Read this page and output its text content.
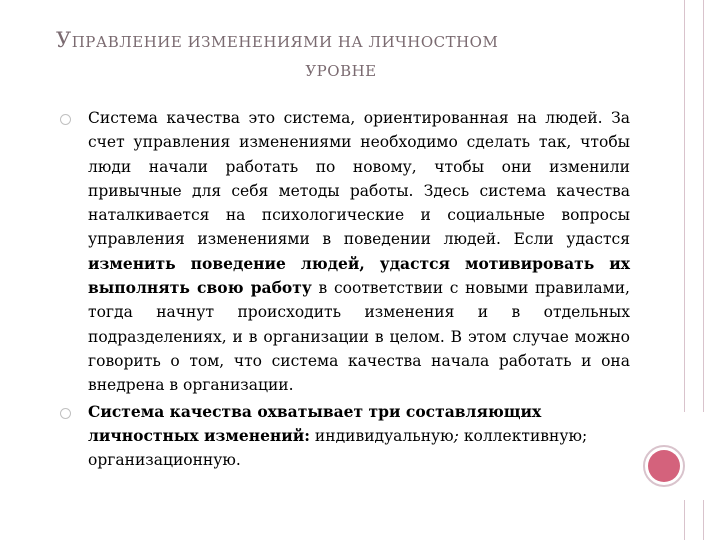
УПРАВЛЕНИЕ ИЗМЕНЕНИЯМИ НА ЛИЧНОСТНОМ
УРОВНЕ
Система качества это система, ориентированная на людей. За счет управления изменениями необходимо сделать так, чтобы люди начали работать по новому, чтобы они изменили привычные для себя методы работы. Здесь система качества наталкивается на психологические и социальные вопросы управления изменениями в поведении людей. Если удастся изменить поведение людей, удастся мотивировать их выполнять свою работу в соответствии с новыми правилами, тогда начнут происходить изменения и в отдельных подразделениях, и в организации в целом. В этом случае можно говорить о том, что система качества начала работать и она внедрена в организации.
Система качества охватывает три составляющих личностных изменений: индивидуальную; коллективную; организационную.
